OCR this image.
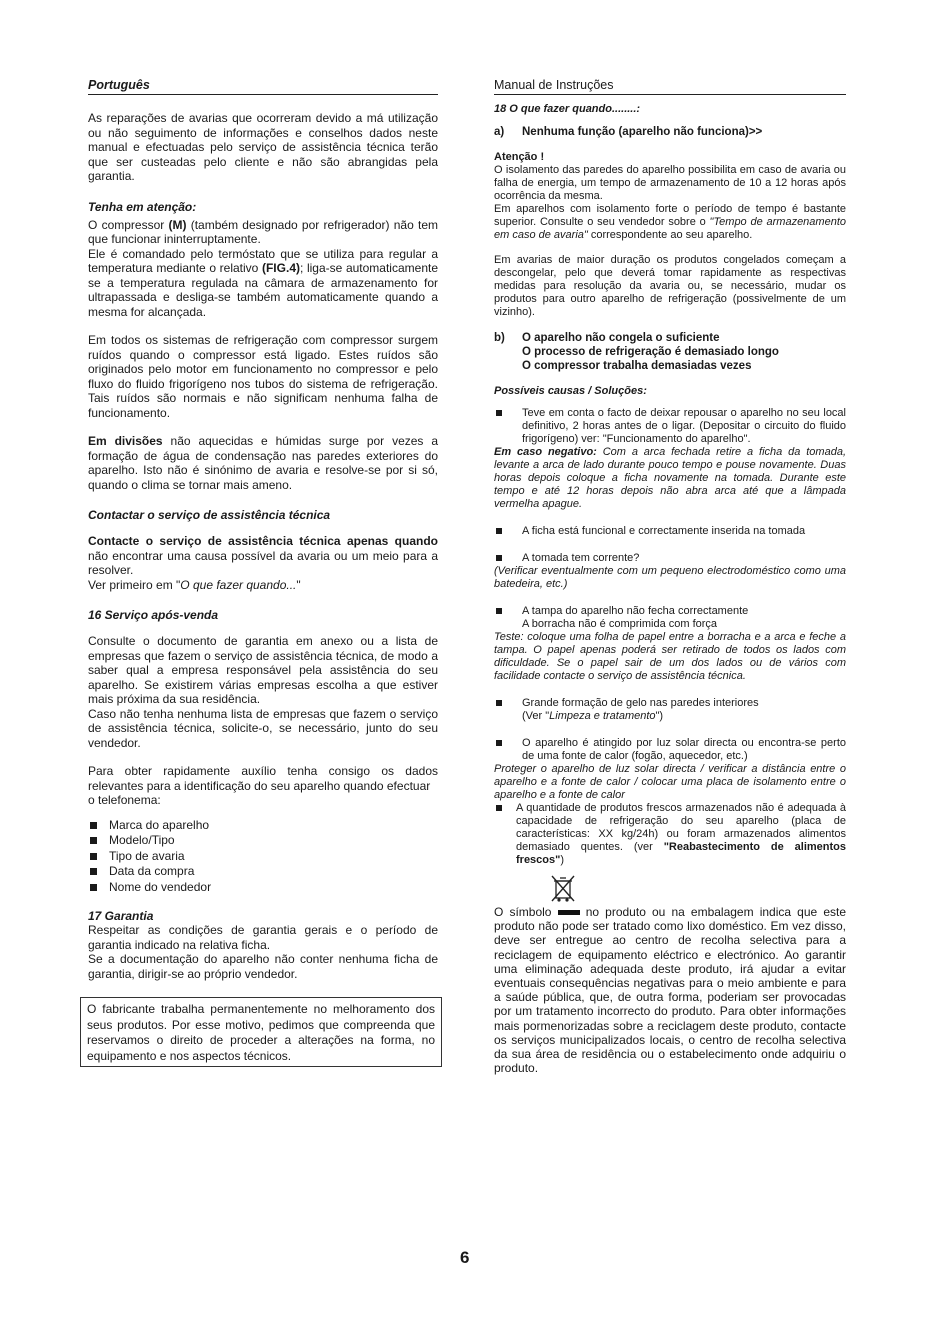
Português

As reparações de avarias que ocorreram devido a má utilização ou não seguimento de informações e conselhos dados neste manual e efectuadas pelo serviço de assistência técnica terão que ser custeadas pelo cliente e não são abrangidas pela garantia.

Tenha em atenção:

O compressor (M) (também designado por refrigerador) não tem que funcionar ininterruptamente.

Ele é comandado pelo termóstato que se utiliza para regular a temperatura mediante o relativo (FIG.4); liga-se automaticamente se a temperatura regulada na câmara de armazenamento for ultrapassada e desliga-se também automaticamente quando a mesma for alcançada.

Em todos os sistemas de refrigeração com compressor surgem ruídos quando o compressor está ligado. Estes ruídos são originados pelo motor em funcionamento no compressor e pelo fluxo do fluido frigorígeno nos tubos do sistema de refrigeração. Tais ruídos são normais e não significam nenhuma falha de funcionamento.

Em divisões não aquecidas e húmidas surge por vezes a formação de água de condensação nas paredes exteriores do aparelho. Isto não é sinónimo de avaria e resolve-se por si só, quando o clima se tornar mais ameno.

Contactar o serviço de assistência técnica

Contacte o serviço de assistência técnica apenas quando não encontrar uma causa possível da avaria ou um meio para a resolver.
Ver primeiro em "O que fazer quando..."

16 Serviço após-venda

Consulte o documento de garantia em anexo ou a lista de empresas que fazem o serviço de assistência técnica, de modo a saber qual a empresa responsável pela assistência do seu aparelho. Se existirem várias empresas escolha a que estiver mais próxima da sua residência.

Caso não tenha nenhuma lista de empresas que fazem o serviço de assistência técnica, solicite-o, se necessário, junto do seu vendedor.

Para obter rapidamente auxílio tenha consigo os dados relevantes para a identificação do seu aparelho quando efectuar

o telefonema:

Marca do aparelho
Modelo/Tipo
Tipo de avaria
Data da compra
Nome do vendedor
17 Garantia

Respeitar as condições de garantia gerais e o período de garantia indicado na relativa ficha.

Se a documentação do aparelho não conter nenhuma ficha de garantia, dirigir-se ao próprio vendedor.

O fabricante trabalha permanentemente no melhoramento dos seus produtos. Por esse motivo, pedimos que compreenda que reservamos o direito de proceder a alterações na forma, no equipamento e nos aspectos técnicos.
Manual de Instruções
18 O que fazer quando........:
a) Nenhuma função (aparelho não funciona)>>
Atenção !

O isolamento das paredes do aparelho possibilita em caso de avaria ou falha de energia, um tempo de armazenamento de 10 a 12 horas após ocorrência da mesma.

Em aparelhos com isolamento forte o período de tempo é bastante superior. Consulte o seu vendedor sobre o "Tempo de armazenamento em caso de avaria" correspondente ao seu aparelho.

Em avarias de maior duração os produtos congelados começam a descongelar, pelo que deverá tomar rapidamente as respectivas medidas para resolução da avaria ou, se necessário, mudar os produtos para outro aparelho de refrigeração (possivelmente de um vizinho).

b) O aparelho não congela o suficiente
O processo de refrigeração é demasiado longo
O compressor trabalha demasiadas vezes
Possíveis causas / Soluções:
Teve em conta o facto de deixar repousar o aparelho no seu local definitivo, 2 horas antes de o ligar. (Depositar o circuito do fluido frigorígeno) ver: "Funcionamento do aparelho".

Em caso negativo: Com a arca fechada retire a ficha da tomada, levante a arca de lado durante pouco tempo e pouse novamente. Duas horas depois coloque a ficha novamente na tomada. Durante este tempo e até 12 horas depois não abra arca até que a lâmpada vermelha apague.

A ficha está funcional e correctamente inserida na tomada
A tomada tem corrente?

(Verificar eventualmente com um pequeno electrodoméstico como uma batedeira, etc.)

A tampa do aparelho não fecha correctamente
A borracha não é comprimida com força

Teste: coloque uma folha de papel entre a borracha e a arca e feche a tampa. O papel apenas poderá ser retirado de todos os lados com dificuldade. Se o papel sair de um dos lados ou de vários com facilidade contacte o serviço de assistência técnica.

Grande formação de gelo nas paredes interiores
(Ver "Limpeza e tratamento")
O aparelho é atingido por luz solar directa ou encontra-se perto de uma fonte de calor (fogão, aquecedor, etc.)

Proteger o aparelho de luz solar directa / verificar a distância entre o aparelho e a fonte de calor / colocar uma placa de isolamento entre o aparelho e a fonte de calor

A quantidade de produtos frescos armazenados não é adequada à capacidade de refrigeração do seu aparelho (placa de características: XX kg/24h) ou foram armazenados alimentos demasiado quentes. (ver "Reabastecimento de alimentos frescos")

O símbolo  no produto ou na embalagem indica que este produto não pode ser tratado como lixo doméstico. Em vez disso, deve ser entregue ao centro de recolha selectiva para a reciclagem de equipamento eléctrico e electrónico. Ao garantir uma eliminação adequada deste produto, irá ajudar a evitar eventuais consequências negativas para o meio ambiente e para a saúde pública, que, de outra forma, poderiam ser provocadas por um tratamento incorrecto do produto. Para obter informações mais pormenorizadas sobre a reciclagem deste produto, contacte os serviços municipalizados locais, o centro de recolha selectiva da sua área de residência ou o estabelecimento onde adquiriu o produto.

6
